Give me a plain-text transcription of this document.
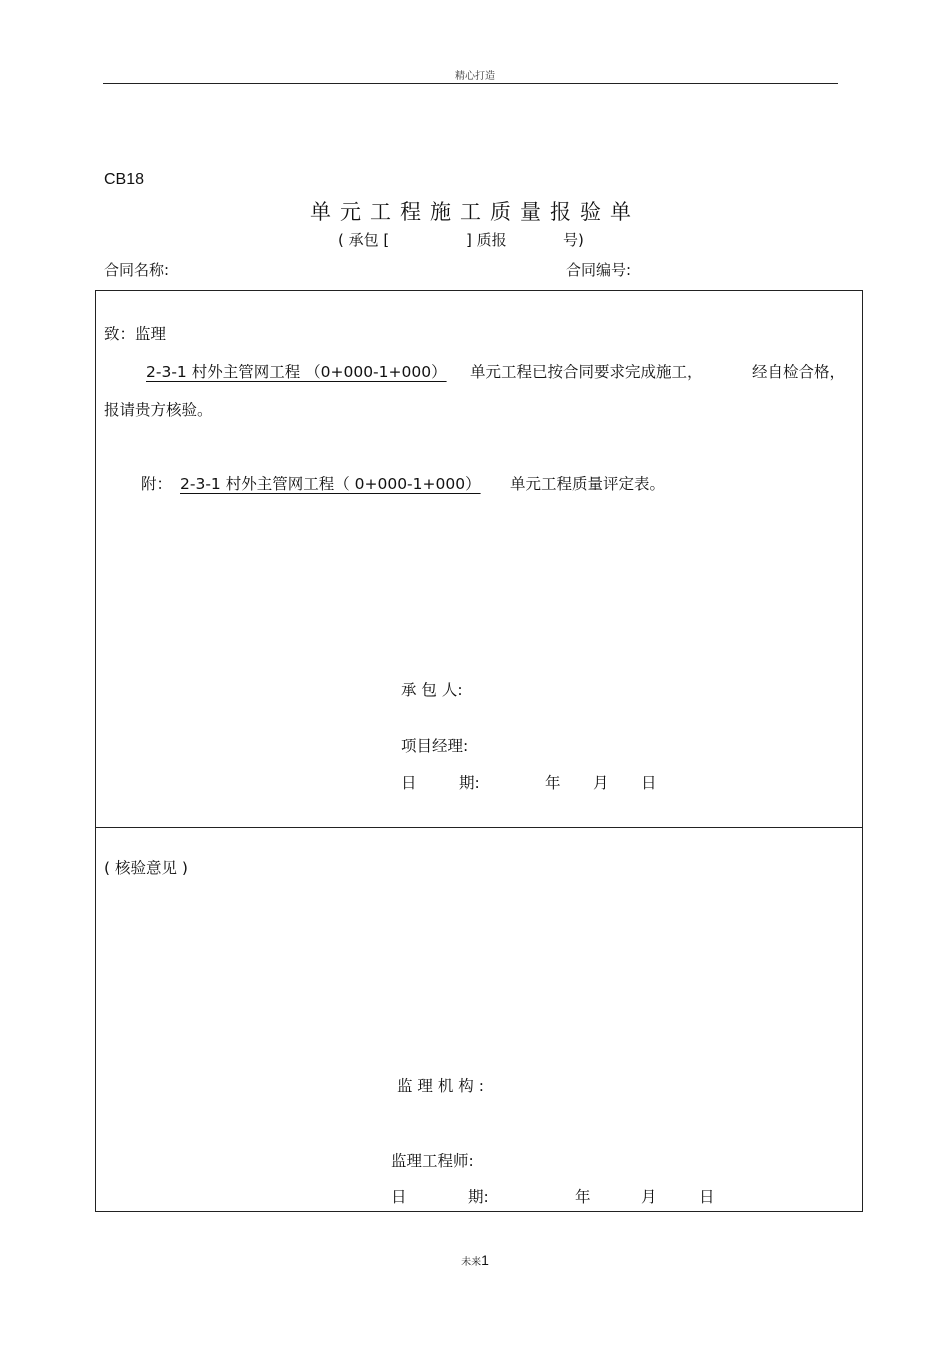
精心打造
CB18
单元工程施工质量报验单
( 承包 [	] 质报	号)
合同名称:	合同编号:
致：监理
2-3-1 村外主管网工程 （0+000-1+000） 单元工程已按合同要求完成施工，	经自检合格，
报请贵方核验。
附： 2-3-1 村外主管网工程（ 0+000-1+000） 单元工程质量评定表。
承 包 人:
项目经理:
日	期:	年 月 日
( 核验意见 )
监 理 机 构 :
监理工程师:
日	期:	年	月	日
未来1
